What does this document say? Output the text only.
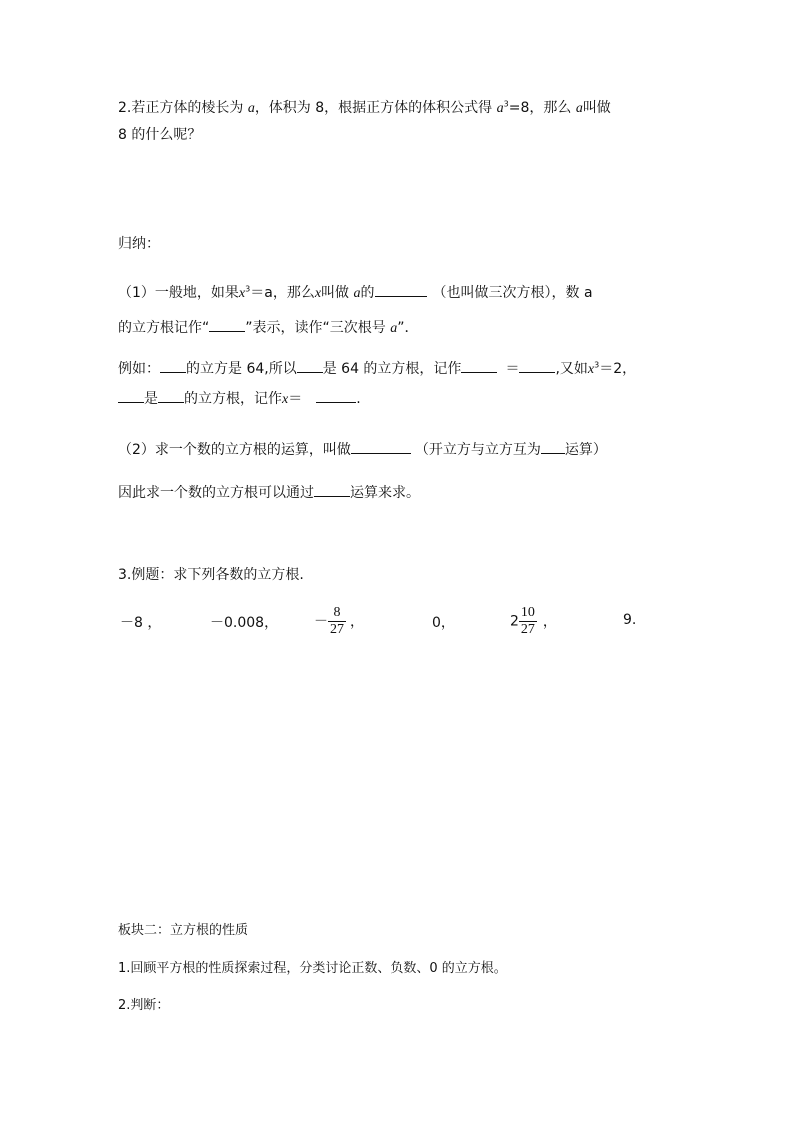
2.若正方体的棱长为 a，体积为 8，根据正方体的体积公式得 $a^3=8$，那么 a叫做
8 的什么呢？
归纳：
（1）一般地，如果$x^3=a$，那么x叫做 a的	（也叫做三次方根），数 a
的立方根记作“	”表示，读作“三次根号 a”．
例如： 的立方是 64,所以 是 64 的立方根，记作	＝	,又如$x^3=2$，
是 的立方根，记作x＝	.
（2）求一个数的立方根的运算，叫做	（开立方与立方互为 运算）
因此求一个数的立方根可以通过	运算来求。
3.例题：求下列各数的立方根.
－8 ，	－0.008，	－ $\frac{8}{27}$ ，	0，	$2 \frac{10}{27}$ ，	9.
板块二：立方根的性质
1.回顾平方根的性质探索过程，分类讨论正数、负数、0 的立方根。
2.判断：
